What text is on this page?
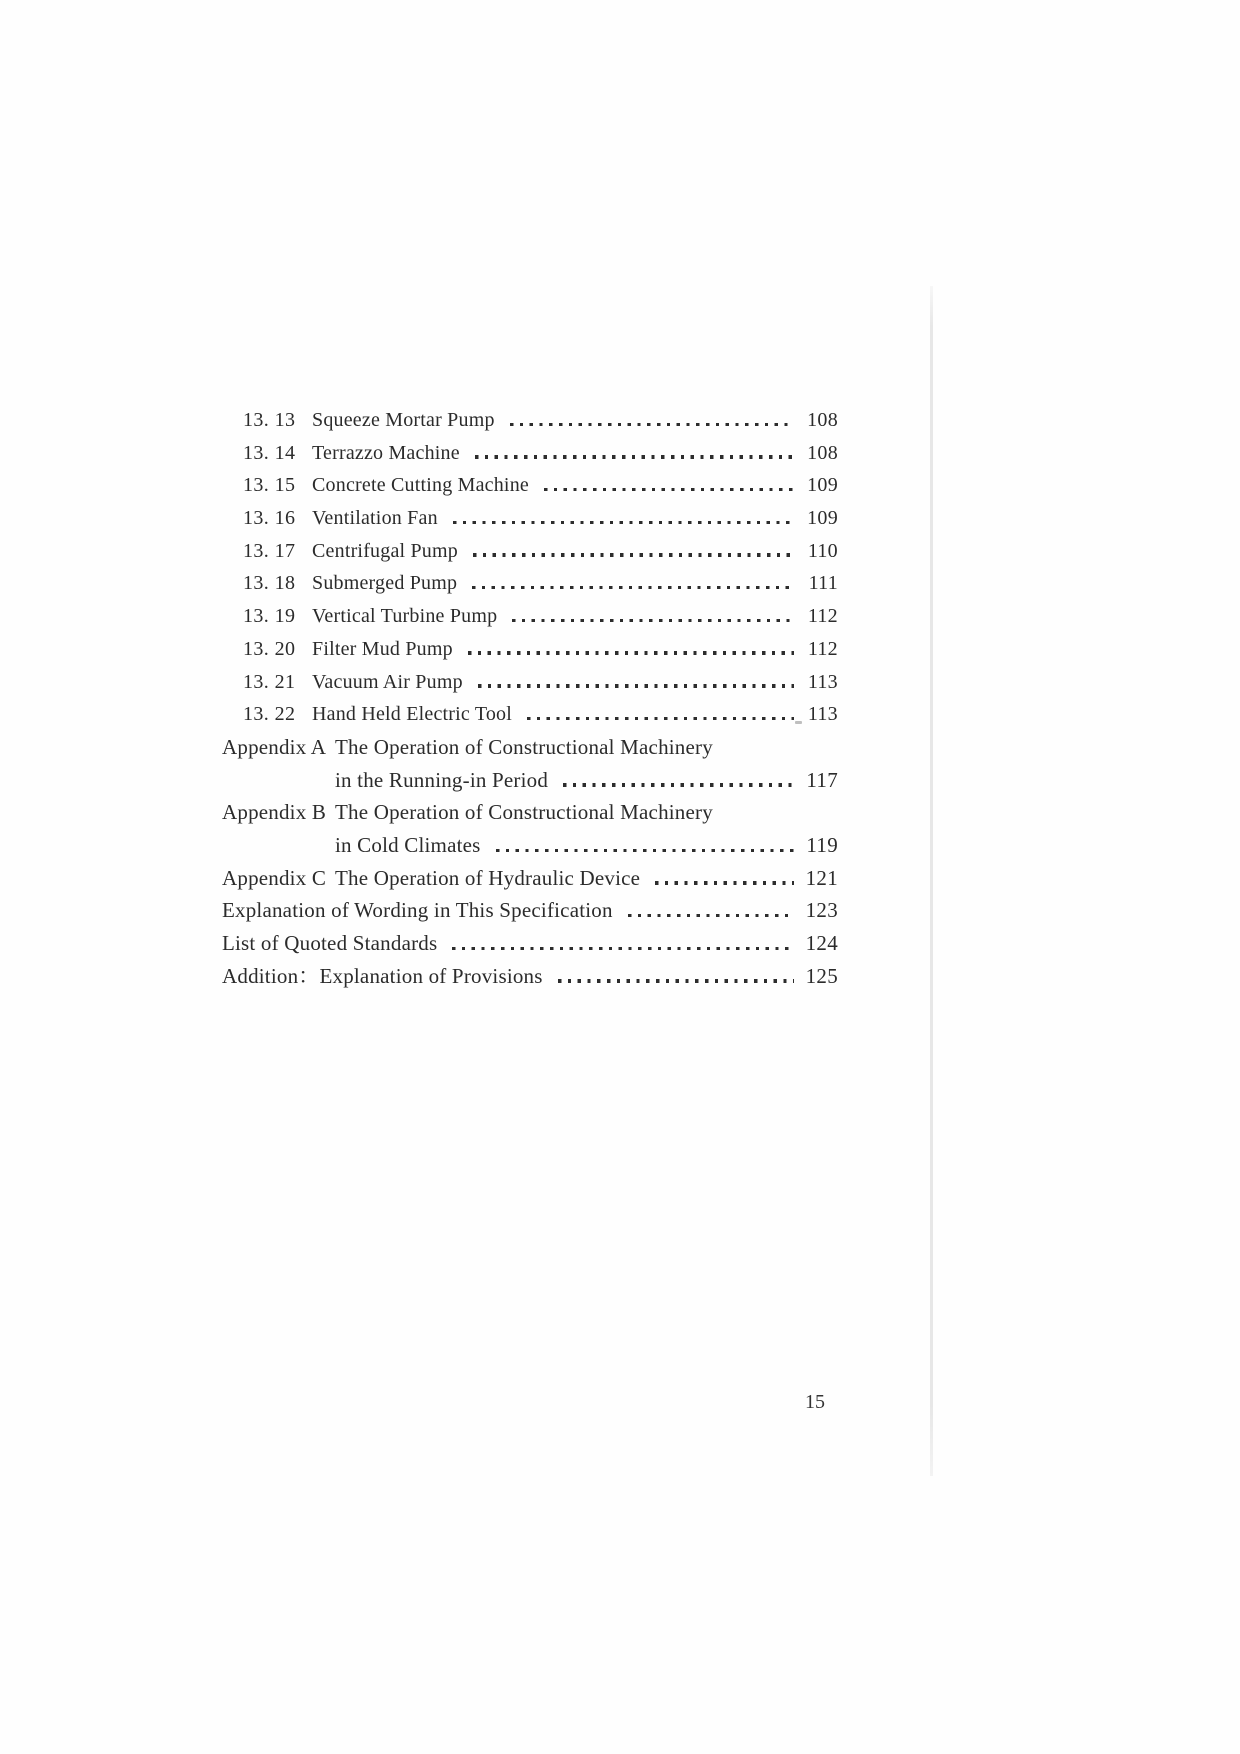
13. 13 Squeeze Mortar Pump	108
13. 14 Terrazzo Machine	108
13. 15 Concrete Cutting Machine	109
13. 16 Ventilation Fan	109
13. 17 Centrifugal Pump	110
13. 18 Submerged Pump	111
13. 19 Vertical Turbine Pump	112
13. 20 Filter Mud Pump	112
13. 21 Vacuum Air Pump	113
13. 22 Hand Held Electric Tool	113
Appendix A The Operation of Constructional Machinery
in the Running-in Period	117
Appendix B The Operation of Constructional Machinery
in Cold Climates	119
Appendix C The Operation of Hydraulic Device	121
Explanation of Wording in This Specification	123
List of Quoted Standards	124
Addition：Explanation of Provisions	125
15
